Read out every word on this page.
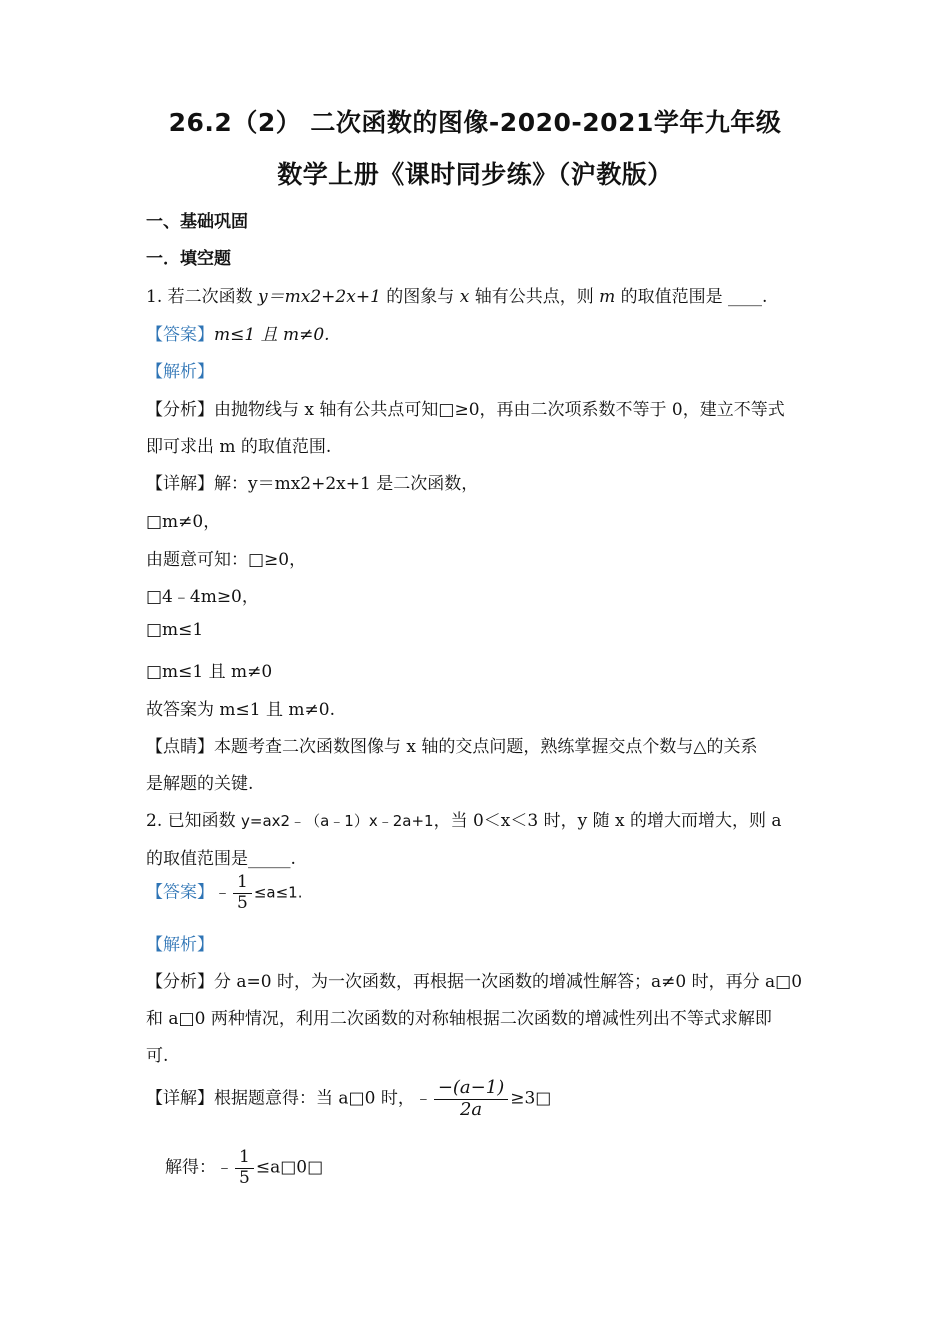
26.2（2） 二次函数的图像-2020-2021学年九年级
数学上册《课时同步练》（沪教版）
一、基础巩固
一．填空题
1. 若二次函数 y＝mx2+2x+1 的图象与 x 轴有公共点，则 m 的取值范围是 ____.
【答案】m≤1 且 m≠0.
【解析】
【分析】由抛物线与 x 轴有公共点可知□≥0，再由二次项系数不等于 0，建立不等式
即可求出 m 的取值范围.
【详解】解：y＝mx2+2x+1 是二次函数，
□m≠0，
由题意可知：□≥0，
□4﹣4m≥0，
□m≤1
□m≤1 且 m≠0
故答案为 m≤1 且 m≠0.
【点睛】本题考查二次函数图像与 x 轴的交点问题，熟练掌握交点个数与△的关系
是解题的关键.
2. 已知函数 y=ax2﹣（a﹣1）x﹣2a+1，当 0＜x＜3 时，y 随 x 的增大而增大，则 a
的取值范围是_____.
【答案】﹣ $\frac{1}{5} \le a\le 1$.
【解析】
【分析】分 a=0 时，为一次函数，再根据一次函数的增减性解答；a≠0 时，再分 a□0
和 a□0 两种情况，利用二次函数的对称轴根据二次函数的增减性列出不等式求解即
可.
【详解】根据题意得：当 a□0 时，﹣ $\frac{-(a-1)}{2a}$ ≥3□
解得：﹣ $\frac{1}{5}$ ≤a□0□
